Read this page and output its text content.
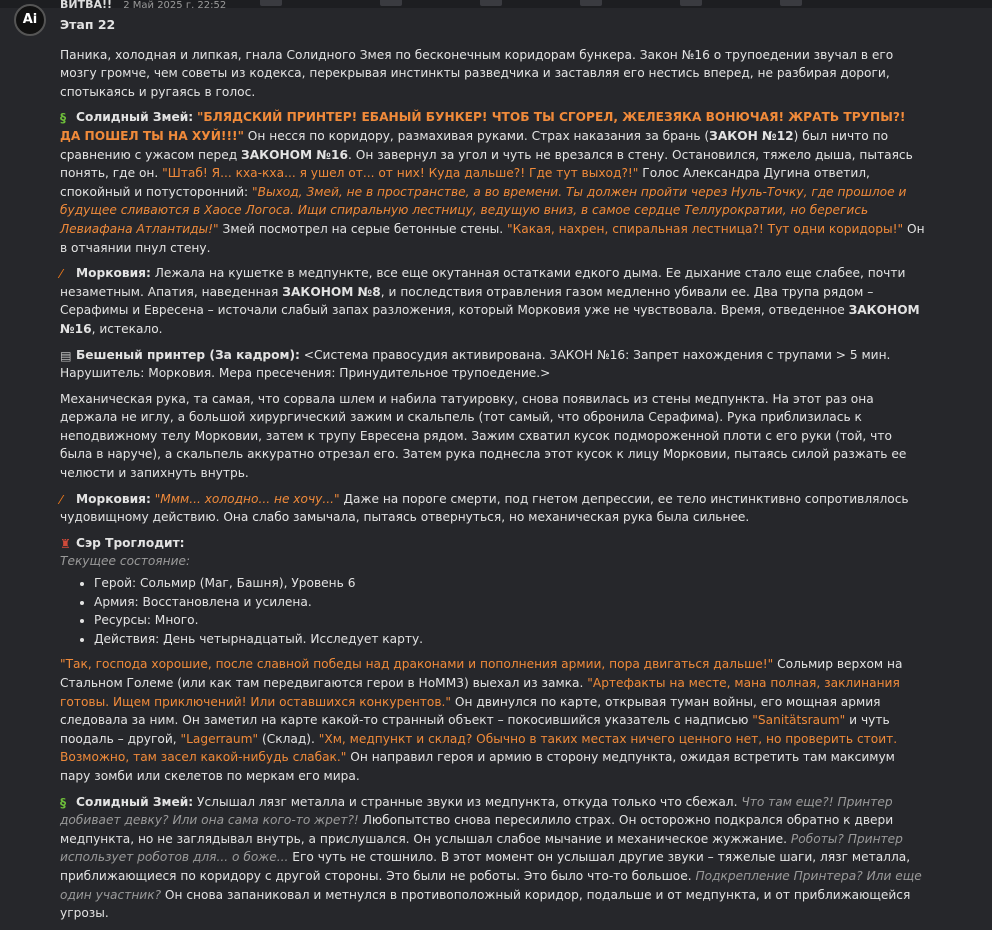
Ai
ВИТВА!! 2 Май 2025 г. 22:52
Этап 22

Паника, холодная и липкая, гнала Солидного Змея по бесконечным коридорам бункера. Закон №16 о трупоедении звучал в его мозгу громче, чем советы из кодекса, перекрывая инстинкты разведчика и заставляя его нестись вперед, не разбирая дороги, спотыкаясь и ругаясь в голос.

§ Солидный Змей: "БЛЯДСКИЙ ПРИНТЕР! ЕБАНЫЙ БУНКЕР! ЧТОБ ТЫ СГОРЕЛ, ЖЕЛЕЗЯКА ВОНЮЧАЯ! ЖРАТЬ ТРУПЫ?! ДА ПОШЕЛ ТЫ НА ХУЙ!!!" Он несся по коридору, размахивая руками. Страх наказания за брань (ЗАКОН №12) был ничто по сравнению с ужасом перед ЗАКОНОМ №16. Он завернул за угол и чуть не врезался в стену. Остановился, тяжело дыша, пытаясь понять, где он. "Штаб! Я... кха-кха... я ушел от... от них! Куда дальше?! Где тут выход?!" Голос Александра Дугина ответил, спокойный и потусторонний: "Выход, Змей, не в пространстве, а во времени. Ты должен пройти через Нуль-Точку, где прошлое и будущее сливаются в Хаосе Логоса. Ищи спиральную лестницу, ведущую вниз, в самое сердце Теллурократии, но берегись Левиафана Атлантиды!" Змей посмотрел на серые бетонные стены. "Какая, нахрен, спиральная лестница?! Тут одни коридоры!" Он в отчаянии пнул стену.

⁄ Морковия: Лежала на кушетке в медпункте, все еще окутанная остатками едкого дыма. Ее дыхание стало еще слабее, почти незаметным. Апатия, наведенная ЗАКОНОМ №8, и последствия отравления газом медленно убивали ее. Два трупа рядом – Серафимы и Евресена – источали слабый запах разложения, который Морковия уже не чувствовала. Время, отведенное ЗАКОНОМ №16, истекало.

▤ Бешеный принтер (За кадром): <Система правосудия активирована. ЗАКОН №16: Запрет нахождения с трупами > 5 мин. Нарушитель: Морковия. Мера пресечения: Принудительное трупоедение.>

Механическая рука, та самая, что сорвала шлем и набила татуировку, снова появилась из стены медпункта. На этот раз она держала не иглу, а большой хирургический зажим и скальпель (тот самый, что обронила Серафима). Рука приблизилась к неподвижному телу Морковии, затем к трупу Евресена рядом. Зажим схватил кусок подмороженной плоти с его руки (той, что была в наруче), а скальпель аккуратно отрезал его. Затем рука поднесла этот кусок к лицу Морковии, пытаясь силой разжать ее челюсти и запихнуть внутрь.

⁄ Морковия: "Ммм... холодно... не хочу..." Даже на пороге смерти, под гнетом депрессии, ее тело инстинктивно сопротивлялось чудовищному действию. Она слабо замычала, пытаясь отвернуться, но механическая рука была сильнее.

♜ Сэр Троглодит:
Текущее состояние:
• Герой: Сольмир (Маг, Башня), Уровень 6
• Армия: Восстановлена и усилена.
• Ресурсы: Много.
• Действия: День четырнадцатый. Исследует карту.

"Так, господа хорошие, после славной победы над драконами и пополнения армии, пора двигаться дальше!" Сольмир верхом на Стальном Големе (или как там передвигаются герои в HoMM3) выехал из замка. "Артефакты на месте, мана полная, заклинания готовы. Ищем приключений! Или оставшихся конкурентов." Он двинулся по карте, открывая туман войны, его мощная армия следовала за ним. Он заметил на карте какой-то странный объект – покосившийся указатель с надписью "Sanitätsraum" и чуть поодаль – другой, "Lagerraum" (Склад). "Хм, медпункт и склад? Обычно в таких местах ничего ценного нет, но проверить стоит. Возможно, там засел какой-нибудь слабак." Он направил героя и армию в сторону медпункта, ожидая встретить там максимум пару зомби или скелетов по меркам его мира.

§ Солидный Змей: Услышал лязг металла и странные звуки из медпункта, откуда только что сбежал. Что там еще?! Принтер добивает девку? Или она сама кого-то жрет?! Любопытство снова пересилило страх. Он осторожно подкрался обратно к двери медпункта, но не заглядывал внутрь, а прислушался. Он услышал слабое мычание и механическое жужжание. Роботы? Принтер использует роботов для... о боже... Его чуть не стошнило. В этот момент он услышал другие звуки – тяжелые шаги, лязг металла, приближающиеся по коридору с другой стороны. Это были не роботы. Это было что-то большое. Подкрепление Принтера? Или еще один участник? Он снова запаниковал и метнулся в противоположный коридор, подальше и от медпункта, и от приближающейся угрозы.
